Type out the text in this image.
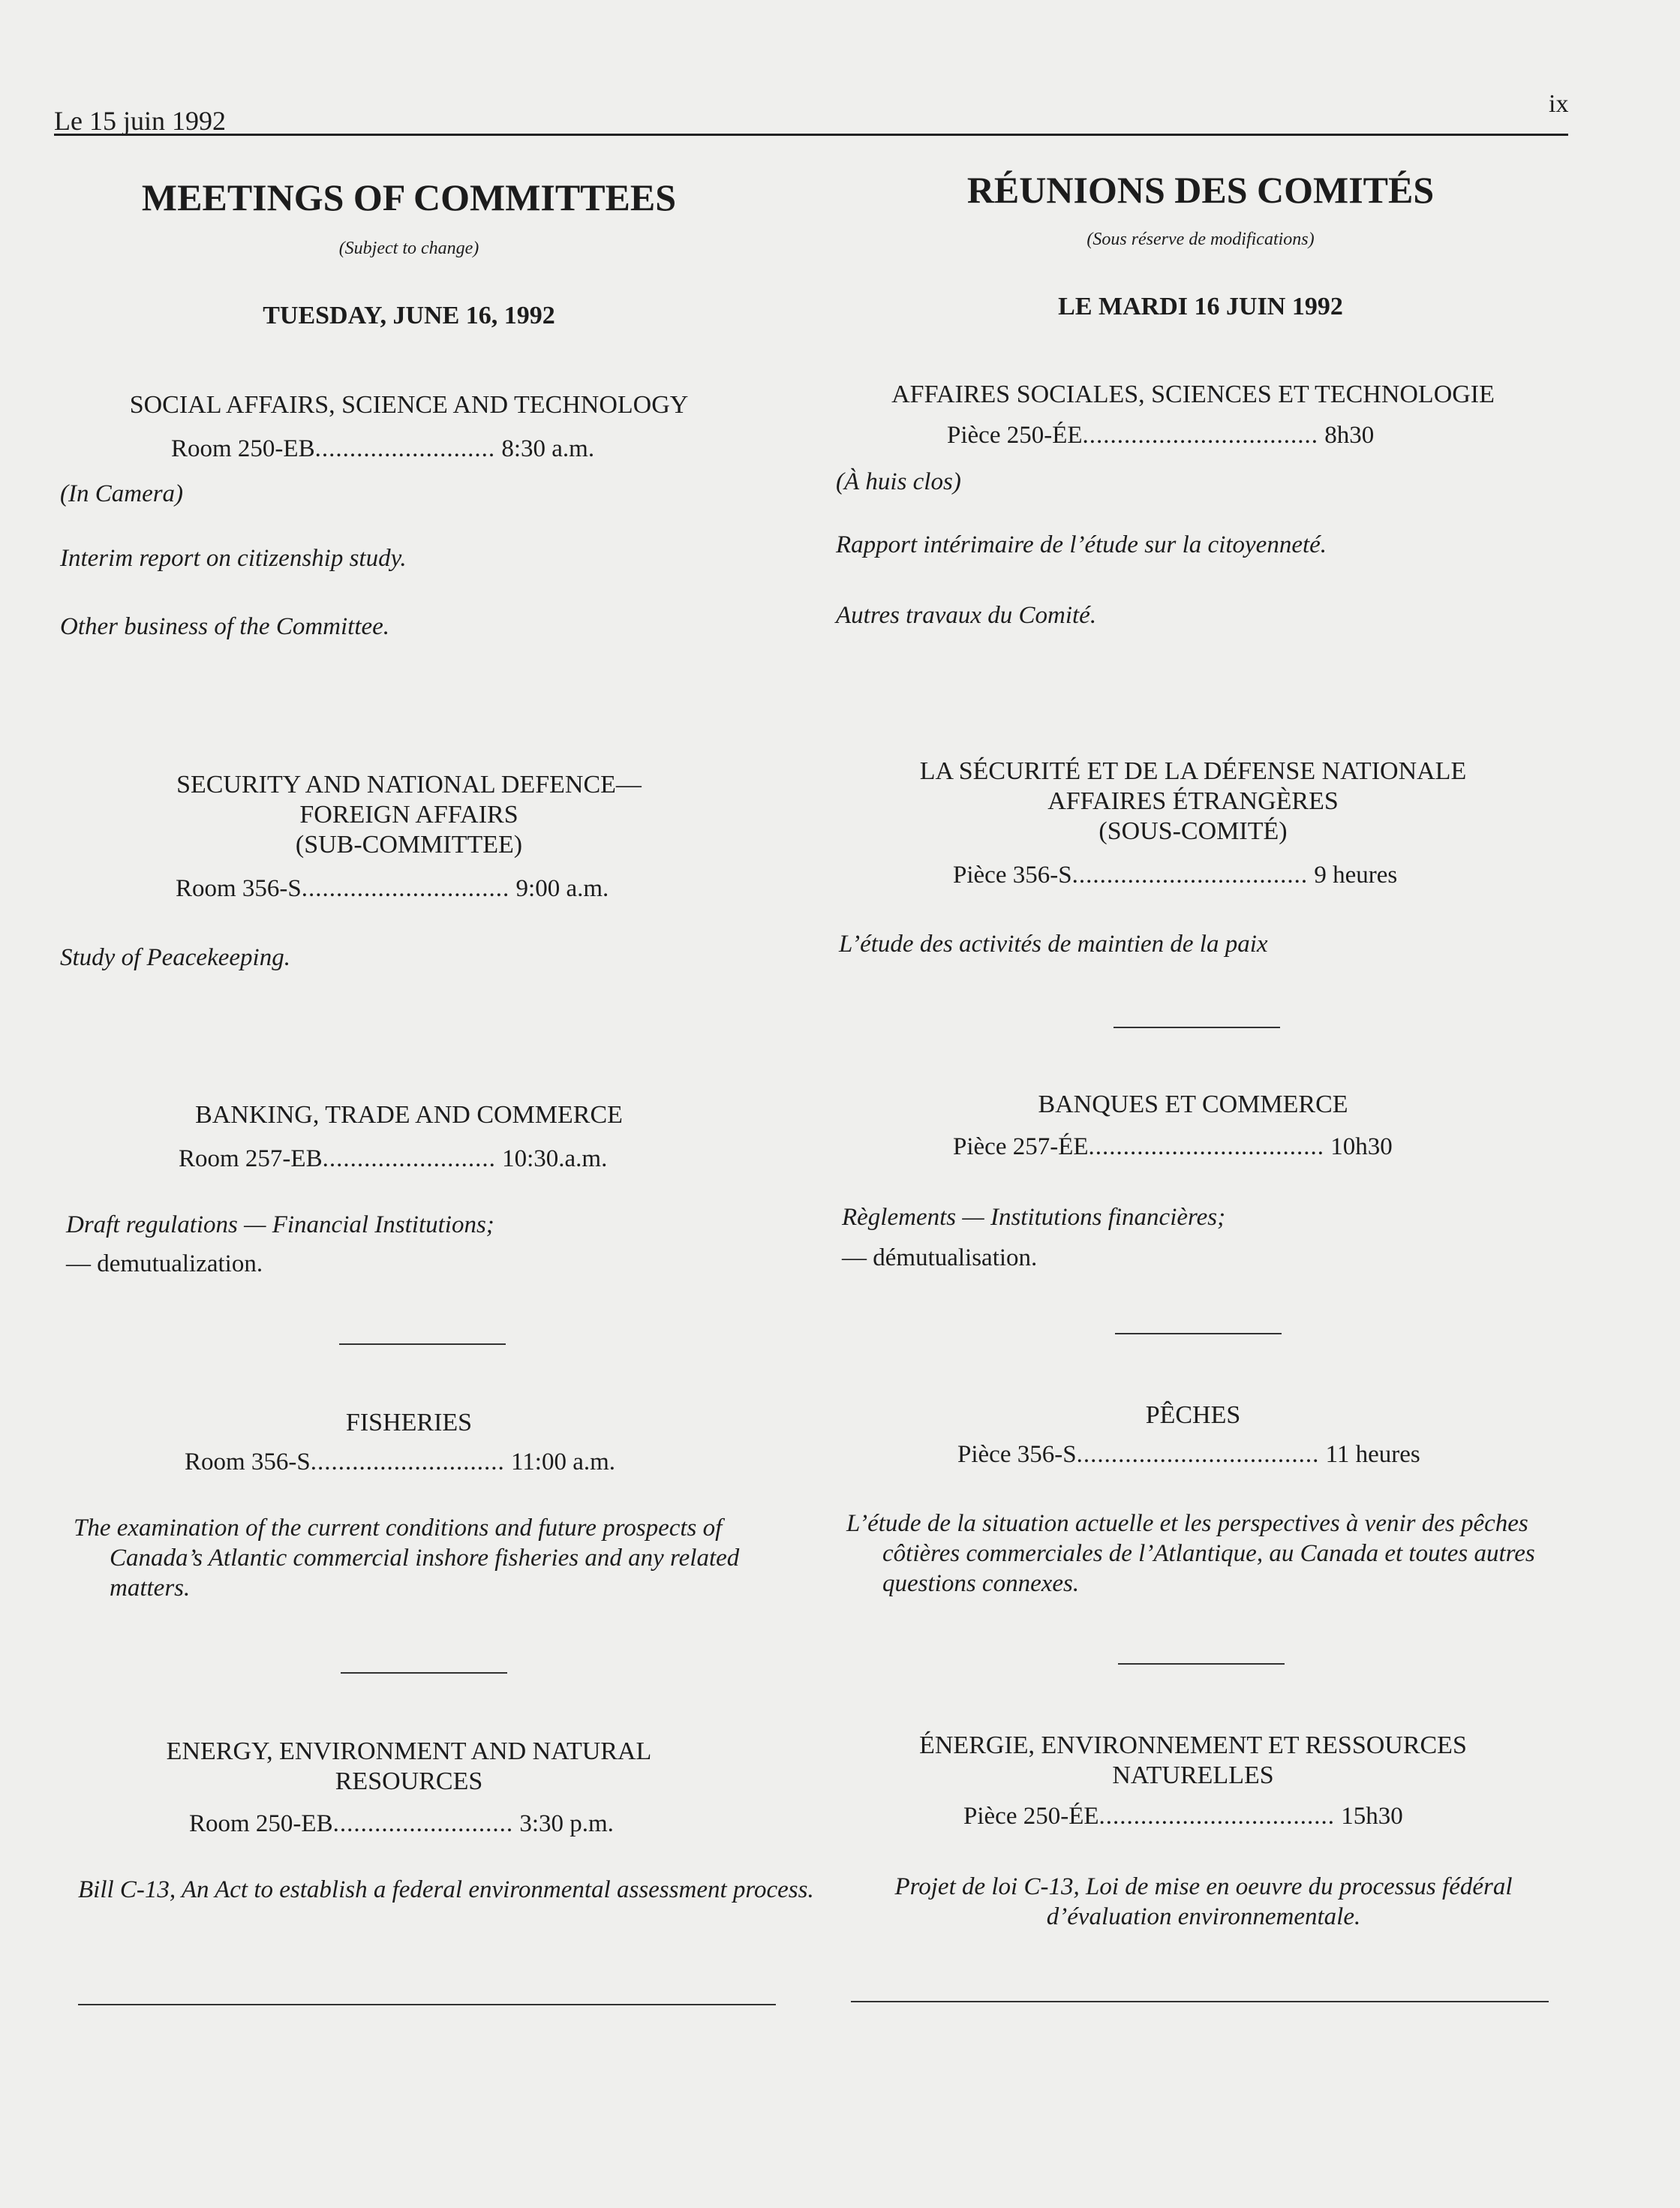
Le 15 juin 1992
ix
MEETINGS OF COMMITTEES
(Subject to change)
TUESDAY, JUNE 16, 1992
SOCIAL AFFAIRS, SCIENCE AND TECHNOLOGY
Room 250-EB.......................... 8:30 a.m.
(In Camera)
Interim report on citizenship study.
Other business of the Committee.
SECURITY AND NATIONAL DEFENCE—
FOREIGN AFFAIRS
(SUB-COMMITTEE)
Room 356-S.............................. 9:00 a.m.
Study of Peacekeeping.
BANKING, TRADE AND COMMERCE
Room 257-EB......................... 10:30.a.m.
Draft regulations — Financial Institutions;
— demutualization.
FISHERIES
Room 356-S............................ 11:00 a.m.
The examination of the current conditions and future prospects of Canada’s Atlantic commercial inshore fisheries and any related matters.
ENERGY, ENVIRONMENT AND NATURAL
RESOURCES
Room 250-EB.......................... 3:30 p.m.
Bill C-13, An Act to establish a federal environmental assessment process.
RÉUNIONS DES COMITÉS
(Sous réserve de modifications)
LE MARDI 16 JUIN 1992
AFFAIRES SOCIALES, SCIENCES ET TECHNOLOGIE
Pièce 250-ÉE.................................. 8h30
(À huis clos)
Rapport intérimaire de l’étude sur la citoyenneté.
Autres travaux du Comité.
LA SÉCURITÉ ET DE LA DÉFENSE NATIONALE
AFFAIRES ÉTRANGÈRES
(SOUS-COMITÉ)
Pièce 356-S.................................. 9 heures
L’étude des activités de maintien de la paix
BANQUES ET COMMERCE
Pièce 257-ÉE.................................. 10h30
Règlements — Institutions financières;
— démutualisation.
PÊCHES
Pièce 356-S................................... 11 heures
L’étude de la situation actuelle et les perspectives à venir des pêches côtières commerciales de l’Atlantique, au Canada et toutes autres questions connexes.
ÉNERGIE, ENVIRONNEMENT ET RESSOURCES
NATURELLES
Pièce 250-ÉE.................................. 15h30
Projet de loi C-13, Loi de mise en oeuvre du processus fédéral d’évaluation environnementale.
